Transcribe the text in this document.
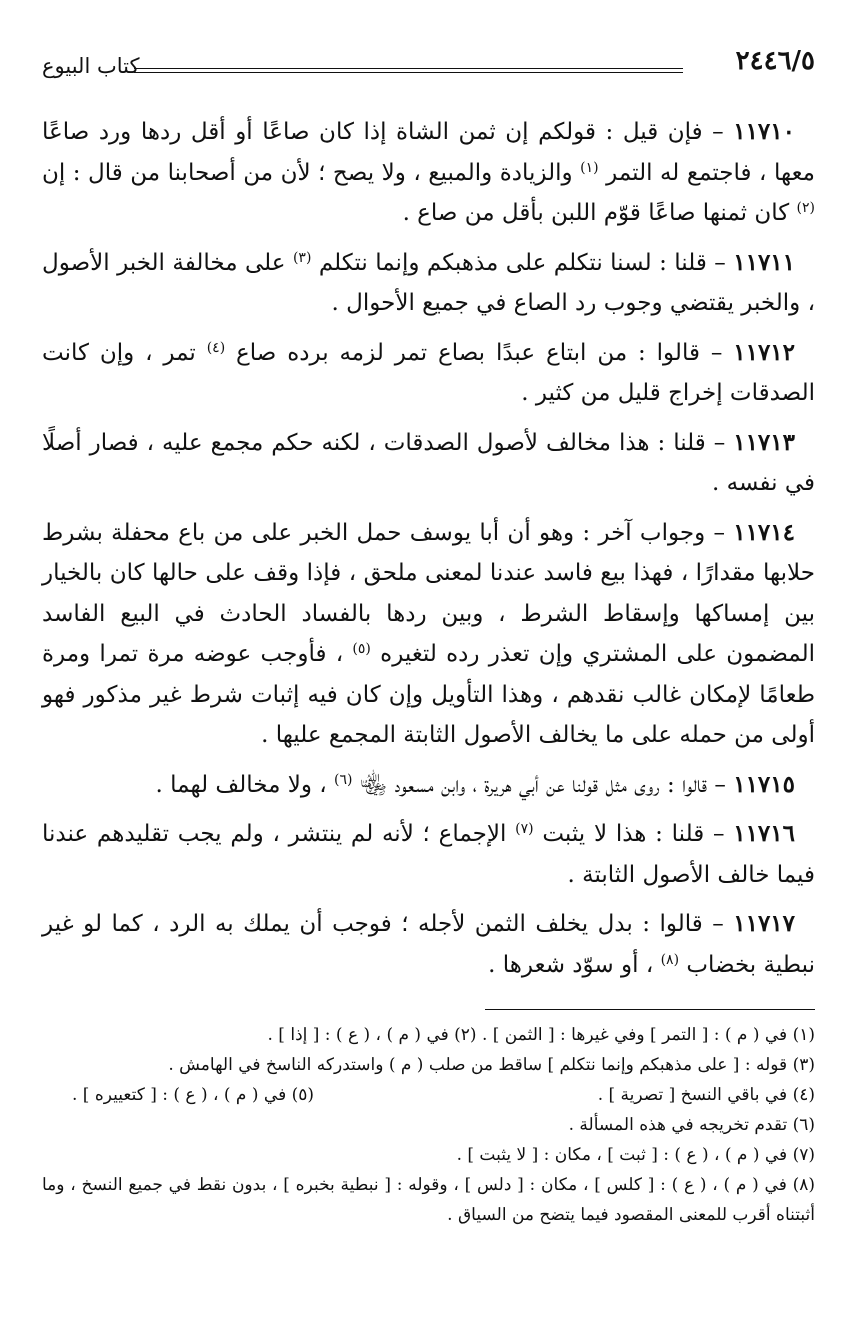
٢٤٤٦/٥
كتاب البيوع

١١٧١٠ – فإن قيل : قولكم إن ثمن الشاة إذا كان صاعًا أو أقل ردها ورد صاعًا معها ، فاجتمع له التمر $^{(١)}$ والزيادة والمبيع ، ولا يصح ؛ لأن من أصحابنا من قال : إن $^{(٢)}$ كان ثمنها صاعًا قوّم اللبن بأقل من صاع .

١١٧١١ – قلنا : لسنا نتكلم على مذهبكم وإنما نتكلم $^{(٣)}$ على مخالفة الخبر الأصول ، والخبر يقتضي وجوب رد الصاع في جميع الأحوال .

١١٧١٢ – قالوا : من ابتاع عبدًا بصاع تمر لزمه برده صاع $^{(٤)}$ تمر ، وإن كانت الصدقات إخراج قليل من كثير .

١١٧١٣ – قلنا : هذا مخالف لأصول الصدقات ، لكنه حكم مجمع عليه ، فصار أصلًا في نفسه .

١١٧١٤ – وجواب آخر : وهو أن أبا يوسف حمل الخبر على من باع محفلة بشرط حلابها مقدارًا ، فهذا بيع فاسد عندنا لمعنى ملحق ، فإذا وقف على حالها كان بالخيار بين إمساكها وإسقاط الشرط ، وبين ردها بالفساد الحادث في البيع الفاسد المضمون على المشتري وإن تعذر رده لتغيره $^{(٥)}$ ، فأوجب عوضه مرة تمرا ومرة طعامًا لإمكان غالب نقدهم ، وهذا التأويل وإن كان فيه إثبات شرط غير مذكور فهو أولى من حمله على ما يخالف الأصول الثابتة المجمع عليها .

١١٧١٥ – قالوا : روى مثل قولنا عن أبي هريرة ، وابن مسعود ﵄ $^{(٦)}$ ، ولا مخالف لهما .

١١٧١٦ – قلنا : هذا لا يثبت $^{(٧)}$ الإجماع ؛ لأنه لم ينتشر ، ولم يجب تقليدهم عندنا فيما خالف الأصول الثابتة .

١١٧١٧ – قالوا : بدل يخلف الثمن لأجله ؛ فوجب أن يملك به الرد ، كما لو غير نبطية بخضاب $^{(٨)}$ ، أو سوّد شعرها .

(١) في ( م ) : [ التمر ] وفي غيرها : [ الثمن ] . (٢) في ( م ) ، ( ع ) : [ إذا ] .

(٣) قوله : [ على مذهبكم وإنما نتكلم ] ساقط من صلب ( م ) واستدركه الناسخ في الهامش .

(٤) في باقي النسخ [ تصرية ] .

(٥) في ( م ) ، ( ع ) : [ كتعييره ] .

(٦) تقدم تخريجه في هذه المسألة .

(٧) في ( م ) ، ( ع ) : [ ثبت ] ، مكان : [ لا يثبت ] .

(٨) في ( م ) ، ( ع ) : [ كلس ] ، مكان : [ دلس ] ، وقوله : [ نبطية بخبره ] ، بدون نقط في جميع النسخ ، وما أثبتناه أقرب للمعنى المقصود فيما يتضح من السياق .
